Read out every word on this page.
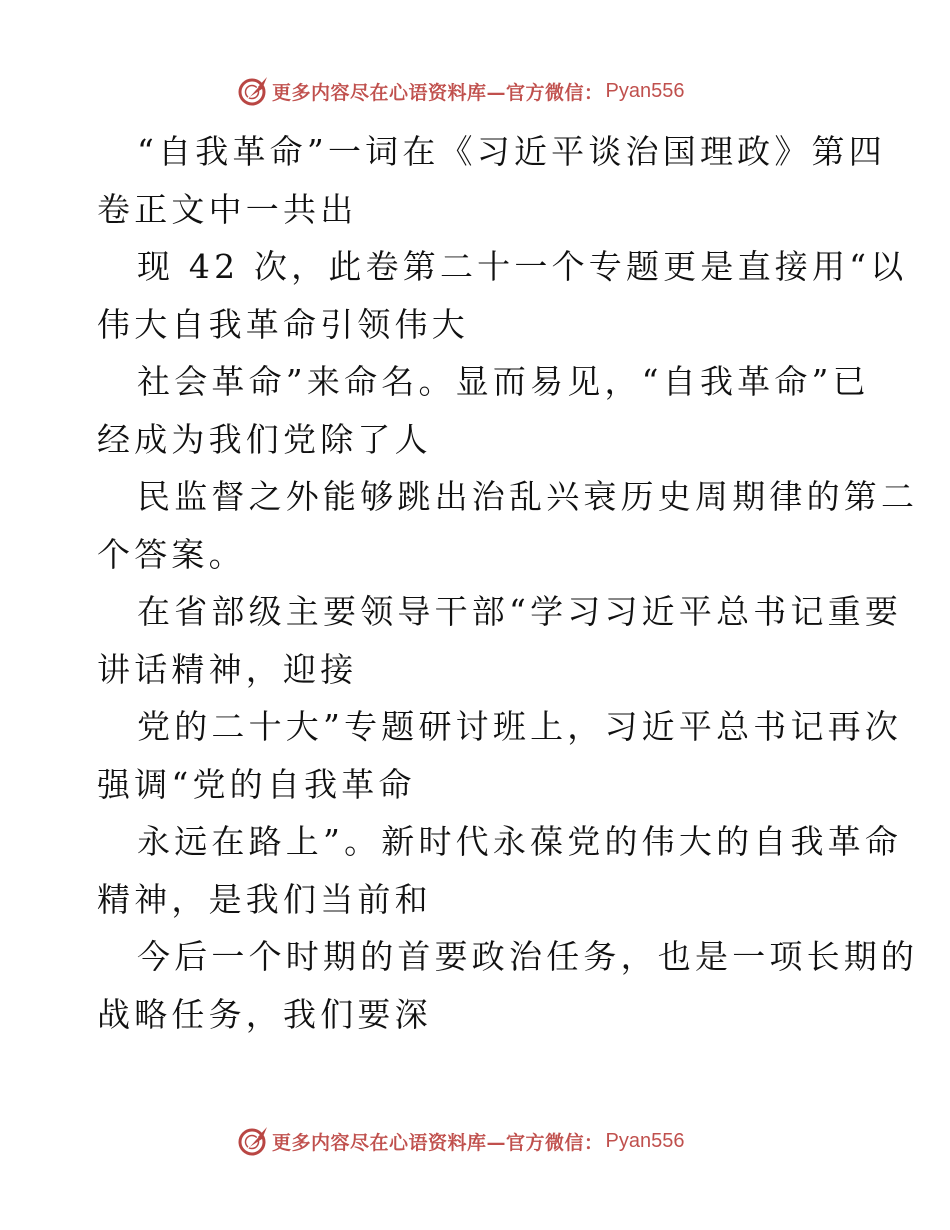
更多内容尽在心语资料库—官方微信： Pyan556
“自我革命”一词在《习近平谈治国理政》第四
卷正文中一共出
现 42 次，此卷第二十一个专题更是直接用“以
伟大自我革命引领伟大
社会革命”来命名。显而易见，“自我革命”已
经成为我们党除了人
民监督之外能够跳出治乱兴衰历史周期律的第二
个答案。
在省部级主要领导干部“学习习近平总书记重要
讲话精神，迎接
党的二十大”专题研讨班上，习近平总书记再次
强调“党的自我革命
永远在路上”。新时代永葆党的伟大的自我革命
精神，是我们当前和
今后一个时期的首要政治任务，也是一项长期的
战略任务，我们要深
更多内容尽在心语资料库—官方微信： Pyan556
